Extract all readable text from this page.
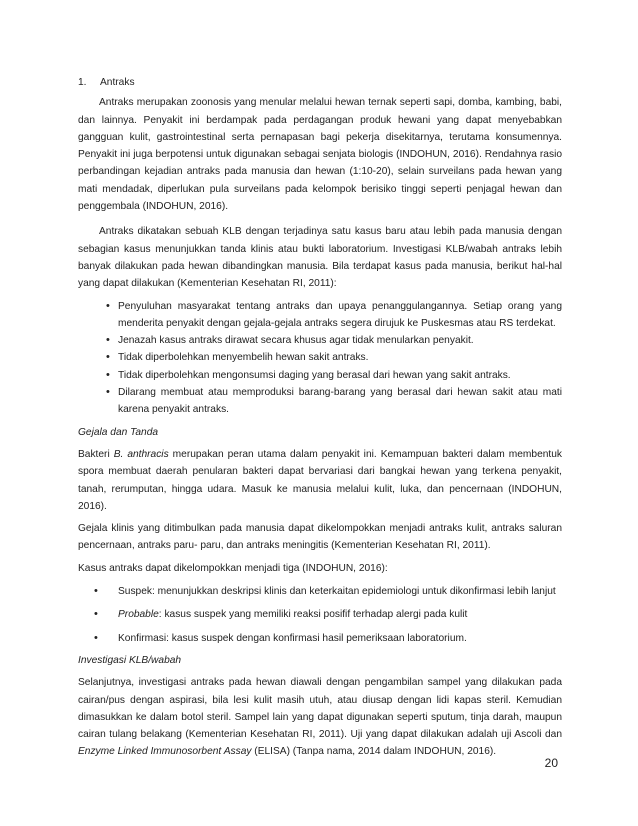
1.	Antraks

Antraks merupakan zoonosis yang menular melalui hewan ternak seperti sapi, domba, kambing, babi, dan lainnya. Penyakit ini berdampak pada perdagangan produk hewani yang dapat menyebabkan gangguan kulit, gastrointestinal serta pernapasan bagi pekerja disekitarnya, terutama konsumennya. Penyakit ini juga berpotensi untuk digunakan sebagai senjata biologis (INDOHUN, 2016). Rendahnya rasio perbandingan kejadian antraks pada manusia dan hewan (1:10-20), selain surveilans pada hewan yang mati mendadak, diperlukan pula surveilans pada kelompok berisiko tinggi seperti penjagal hewan dan penggembala (INDOHUN, 2016).

Antraks dikatakan sebuah KLB dengan terjadinya satu kasus baru atau lebih pada manusia dengan sebagian kasus menunjukkan tanda klinis atau bukti laboratorium. Investigasi KLB/wabah antraks lebih banyak dilakukan pada hewan dibandingkan manusia. Bila terdapat kasus pada manusia, berikut hal-hal yang dapat dilakukan (Kementerian Kesehatan RI, 2011):

• Penyuluhan masyarakat tentang antraks dan upaya penanggulangannya. Setiap orang yang menderita penyakit dengan gejala-gejala antraks segera dirujuk ke Puskesmas atau RS terdekat.
• Jenazah kasus antraks dirawat secara khusus agar tidak menularkan penyakit.
• Tidak diperbolehkan menyembelih hewan sakit antraks.
• Tidak diperbolehkan mengonsumsi daging yang berasal dari hewan yang sakit antraks.
• Dilarang membuat atau memproduksi barang-barang yang berasal dari hewan sakit atau mati karena penyakit antraks.

Gejala dan Tanda

Bakteri B. anthracis merupakan peran utama dalam penyakit ini. Kemampuan bakteri dalam membentuk spora membuat daerah penularan bakteri dapat bervariasi dari bangkai hewan yang terkena penyakit, tanah, rerumputan, hingga udara. Masuk ke manusia melalui kulit, luka, dan pencernaan (INDOHUN, 2016).

Gejala klinis yang ditimbulkan pada manusia dapat dikelompokkan menjadi antraks kulit, antraks saluran pencernaan, antraks paru- paru, dan antraks meningitis (Kementerian Kesehatan RI, 2011).

Kasus antraks dapat dikelompokkan menjadi tiga (INDOHUN, 2016):

• Suspek: menunjukkan deskripsi klinis dan keterkaitan epidemiologi untuk dikonfirmasi lebih lanjut
• Probable: kasus suspek yang memiliki reaksi posifif terhadap alergi pada kulit
• Konfirmasi: kasus suspek dengan konfirmasi hasil pemeriksaan laboratorium.

Investigasi KLB/wabah

Selanjutnya, investigasi antraks pada hewan diawali dengan pengambilan sampel yang dilakukan pada cairan/pus dengan aspirasi, bila lesi kulit masih utuh, atau diusap dengan lidi kapas steril. Kemudian dimasukkan ke dalam botol steril. Sampel lain yang dapat digunakan seperti sputum, tinja darah, maupun cairan tulang belakang (Kementerian Kesehatan RI, 2011). Uji yang dapat dilakukan adalah uji Ascoli dan Enzyme Linked Immunosorbent Assay (ELISA) (Tanpa nama, 2014 dalam INDOHUN, 2016).

20
